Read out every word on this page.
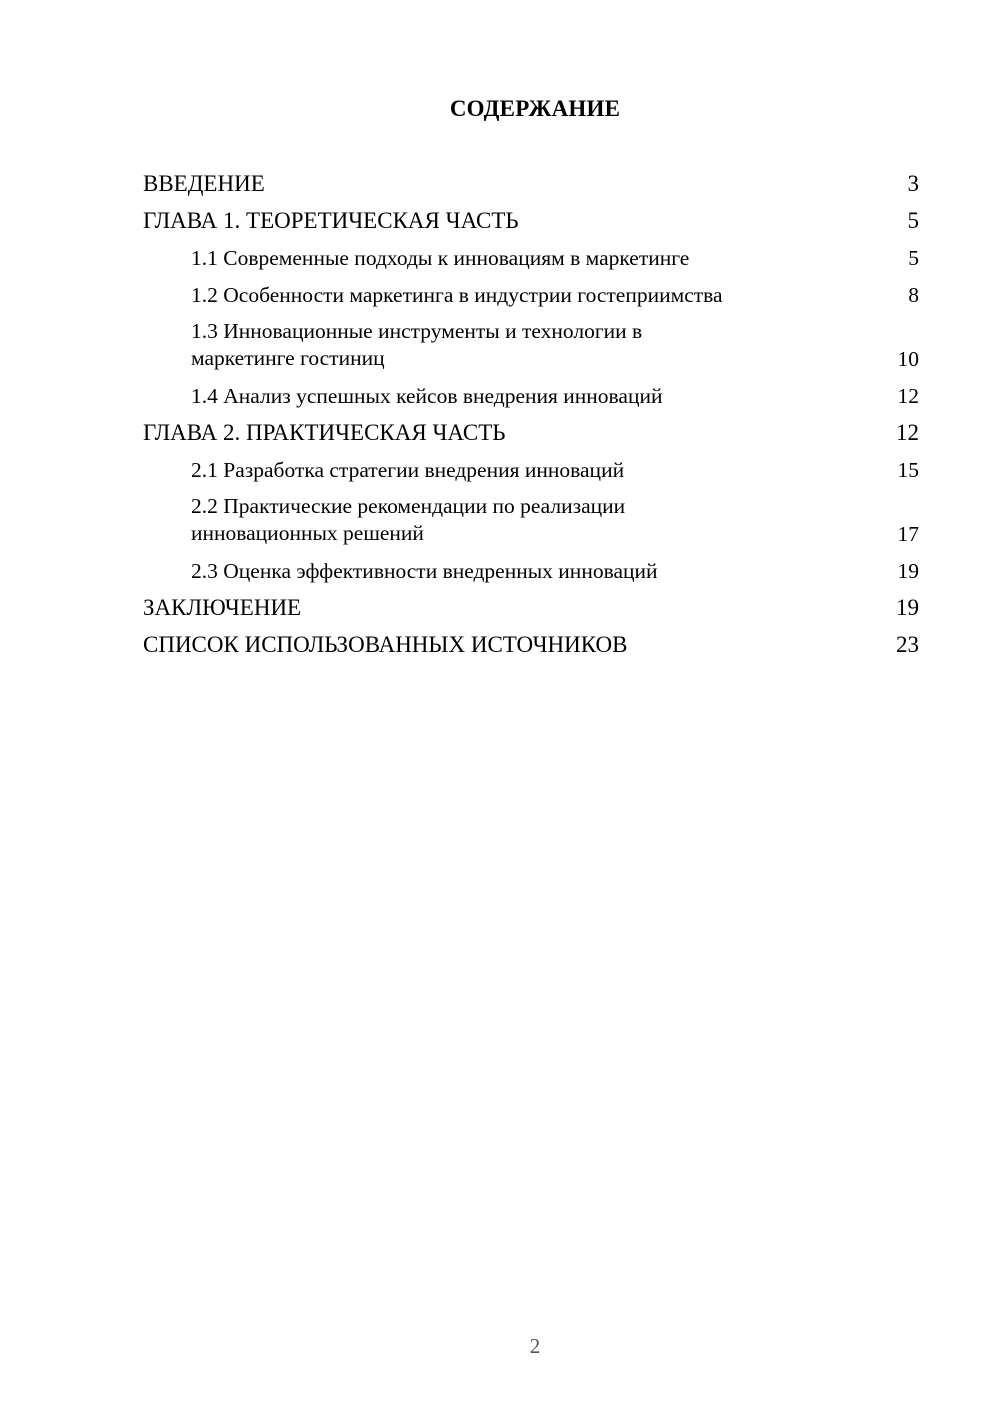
СОДЕРЖАНИЕ
ВВЕДЕНИЕ	3
ГЛАВА 1. ТЕОРЕТИЧЕСКАЯ ЧАСТЬ	5
1.1 Современные подходы к инновациям в маркетинге	5
1.2 Особенности маркетинга в индустрии гостеприимства	8
1.3 Инновационные инструменты и технологии в маркетинге гостиниц	10
1.4 Анализ успешных кейсов внедрения инноваций	12
ГЛАВА 2. ПРАКТИЧЕСКАЯ ЧАСТЬ	12
2.1 Разработка стратегии внедрения инноваций	15
2.2 Практические рекомендации по реализации инновационных решений	17
2.3 Оценка эффективности внедренных инноваций	19
ЗАКЛЮЧЕНИЕ	19
СПИСОК ИСПОЛЬЗОВАННЫХ ИСТОЧНИКОВ	23
2
